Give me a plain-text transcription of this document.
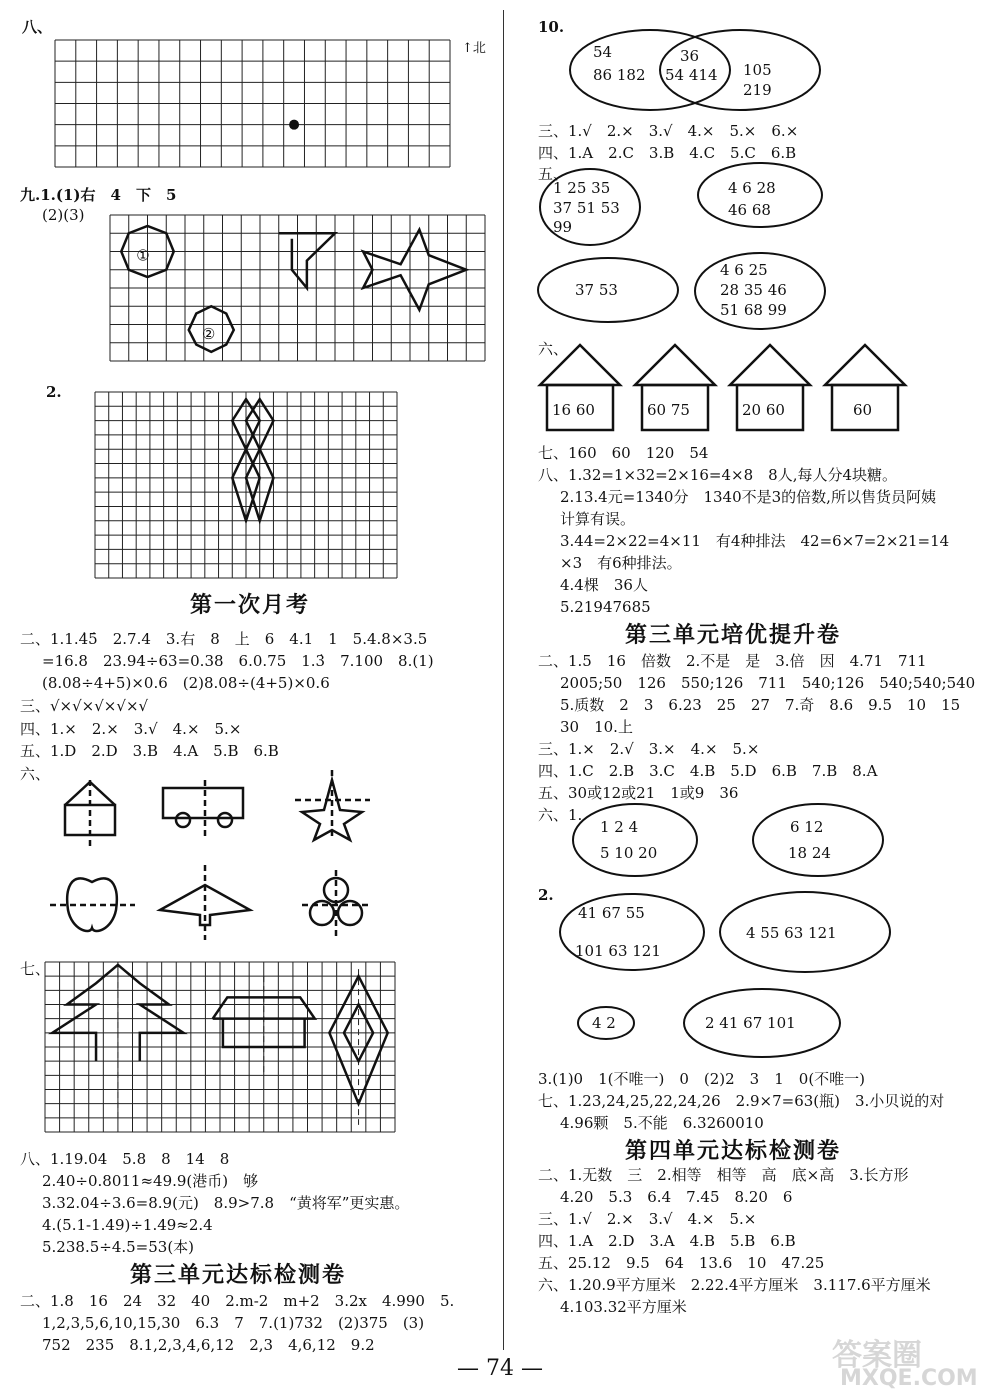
八、
↑北
九.1.(1)右　4　下　5
(2)(3)
①
②
2.
第一次月考
二、1.1.4̇5̇　2.7.4　3.右　8　上　6　4.1　1　5.4.8×3.5
=16.8　23.94÷63=0.38　6.0.75　1.3̇　7.100　8.(1)
(8.08÷4+5)×0.6　(2)8.08÷(4+5)×0.6
三、√×√×√×√×√
四、1.×　2.×　3.√　4.×　5.×
五、1.D　2.D　3.B　4.A　5.B　6.B
六、
七、
八、1.19.04　5.8　8　14　8
2.40÷0.8011≈49.9(港币)　够
3.32.04÷3.6=8.9(元)　8.9>7.8　“黄将军”更实惠。
4.(5.1-1.49)÷1.49≈2.4
5.238.5÷4.5=53(本)
第三单元达标检测卷
二、1.8　16　24　32　40　2.m-2　m+2　3.2x　4.990　5.
1,2,3,5,6,10,15,30　6.3　7　7.(1)732　(2)375　(3)
752　235　8.1,2,3,4,6,12　2,3　4,6,12　9.2
10.
54
86 182
36
54 414 105
219
三、1.√　2.×　3.√　4.×　5.×　6.×
四、1.A　2.C　3.B　4.C　5.C　6.B
五、
1 25 35
37 51 53
99
4 6 28
46 68
37 53
4 6 25
28 35 46
51 68 99
六、
16 60	60 75	20 60	60
七、160　60　120　54
八、1.32=1×32=2×16=4×8　8人,每人分4块糖。
2.13.4元=1340分　1340不是3的倍数,所以售货员阿姨
计算有误。
3.44=2×22=4×11　有4种排法　42=6×7=2×21=14
×3　有6种排法。
4.4棵　36人
5.21947685
第三单元培优提升卷
二、1.5　16　倍数　2.不是　是　3.倍　因　4.71　711
2005;50　126　550;126　711　540;126　540;540;540
5.质数　2　3　6.23　25　27　7.奇　8.6　9.5　10　15
30　10.上
三、1.×　2.√　3.×　4.×　5.×
四、1.C　2.B　3.C　4.B　5.D　6.B　7.B　8.A
五、30或12或21　1或9　36
六、1.
1 2 4
5 10 20
6 12
18 24
2.
41 67 55
101 63 121
4 55 63 121
4 2	2 41 67 101
3.(1)0　1(不唯一)　0　(2)2　3　1　0(不唯一)
七、1.23,24,25,22,24,26　2.9×7=63(瓶)　3.小贝说的对
4.96颗　5.不能　6.3260010
第四单元达标检测卷
二、1.无数　三　2.相等　相等　高　底×高　3.长方形
4.20　5.3　6.4　7.45　8.20　6
三、1.√　2.×　3.√　4.×　5.×
四、1.A　2.D　3.A　4.B　5.B　6.B
五、25.12　9.5　64　13.6　10　47.25
六、1.20.9平方厘米　2.22.4平方厘米　3.117.6平方厘米
4.103.32平方厘米
— 74 —	答案圈
MXQE.COM
